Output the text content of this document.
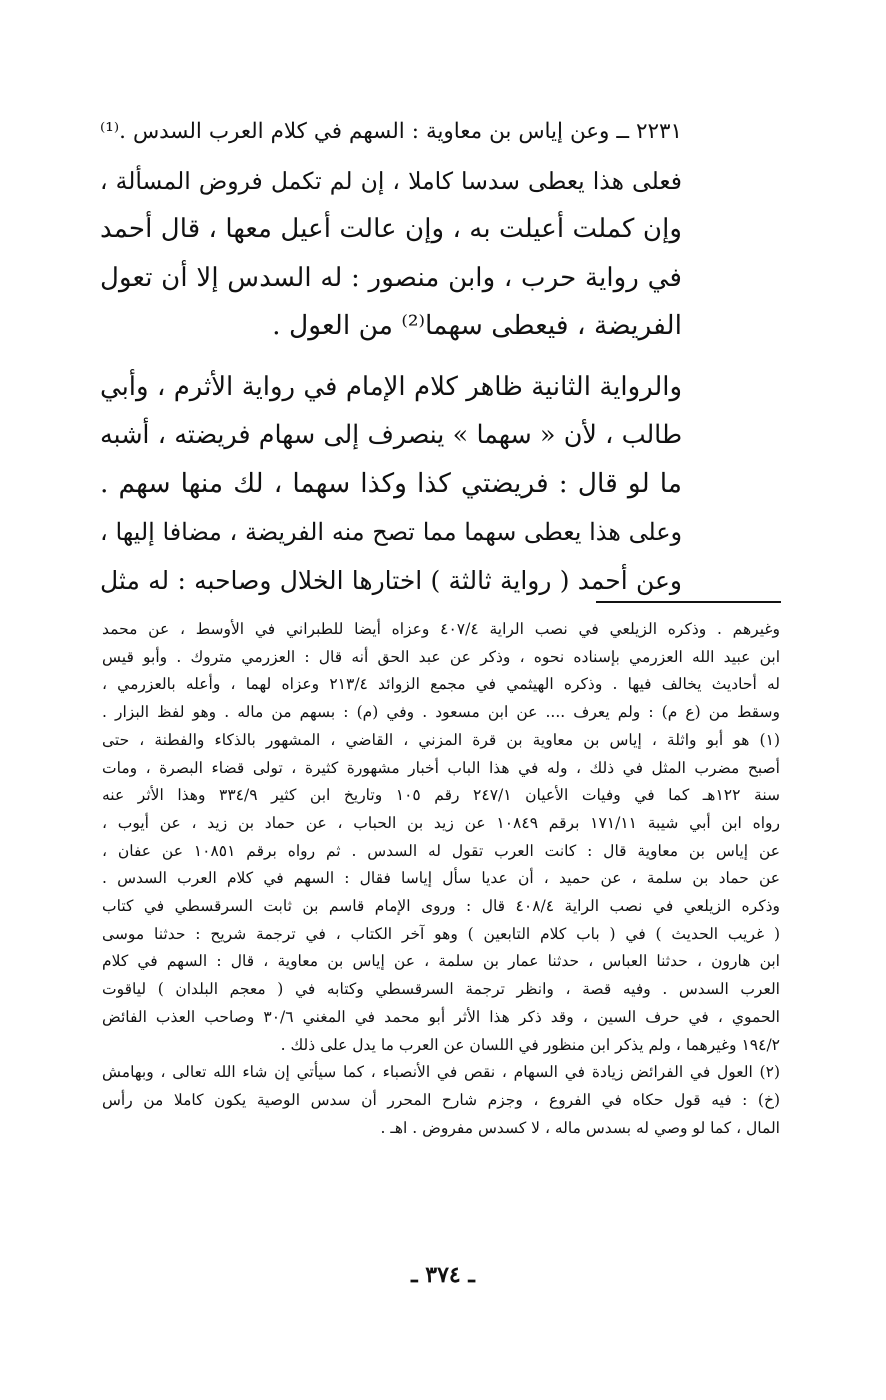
٢٢٣١ ــ وعن إياس بن معاوية : السهم في كلام العرب السدس .⁽¹⁾
فعلى هذا يعطى سدسا كاملا ، إن لم تكمل فروض المسألة ،
وإن كملت أعيلت به ، وإن عالت أعيل معها ، قال أحمد
في رواية حرب ، وابن منصور : له السدس إلا أن تعول
الفريضة ، فيعطى سهما⁽²⁾ من العول .

والرواية الثانية ظاهر كلام الإمام في رواية الأثرم ، وأبي
طالب ، لأن « سهما » ينصرف إلى سهام فريضته ، أشبه
ما لو قال : فريضتي كذا وكذا سهما ، لك منها سهم .
وعلى هذا يعطى سهما مما تصح منه الفريضة ، مضافا إليها ،
وعن أحمد ( رواية ثالثة ) اختارها الخلال وصاحبه : له مثل

وغيرهم . وذكره الزيلعي في نصب الراية ٤٠٧/٤ وعزاه أيضا للطبراني في الأوسط ، عن محمد
ابن عبيد الله العزرمي بإسناده نحوه ، وذكر عن عبد الحق أنه قال : العزرمي متروك . وأبو قيس
له أحاديث يخالف فيها . وذكره الهيثمي في مجمع الزوائد ٢١٣/٤ وعزاه لهما ، وأعله بالعزرمي ،
وسقط من (ع م) : ولم يعرف .... عن ابن مسعود . وفي (م) : بسهم من ماله . وهو لفظ البزار .
(١) هو أبو واثلة ، إياس بن معاوية بن قرة المزني ، القاضي ، المشهور بالذكاء والفطنة ، حتى
أصبح مضرب المثل في ذلك ، وله في هذا الباب أخبار مشهورة كثيرة ، تولى قضاء البصرة ، ومات
سنة ١٢٢هـ كما في وفيات الأعيان ٢٤٧/١ رقم ١٠٥ وتاريخ ابن كثير ٣٣٤/٩ وهذا الأثر عنه
رواه ابن أبي شيبة ١٧١/١١ برقم ١٠٨٤٩ عن زيد بن الحباب ، عن حماد بن زيد ، عن أيوب ،
عن إياس بن معاوية قال : كانت العرب تقول له السدس . ثم رواه برقم ١٠٨٥١ عن عفان ،
عن حماد بن سلمة ، عن حميد ، أن عديا سأل إياسا فقال : السهم في كلام العرب السدس .
وذكره الزيلعي في نصب الراية ٤٠٨/٤ قال : وروى الإمام قاسم بن ثابت السرقسطي في كتاب
( غريب الحديث ) في ( باب كلام التابعين ) وهو آخر الكتاب ، في ترجمة شريح : حدثنا موسى
ابن هارون ، حدثنا العباس ، حدثنا عمار بن سلمة ، عن إياس بن معاوية ، قال : السهم في كلام
العرب السدس . وفيه قصة ، وانظر ترجمة السرقسطي وكتابه في ( معجم البلدان ) لياقوت
الحموي ، في حرف السين ، وقد ذكر هذا الأثر أبو محمد في المغني ٣٠/٦ وصاحب العذب الفائض
١٩٤/٢ وغيرهما ، ولم يذكر ابن منظور في اللسان عن العرب ما يدل على ذلك .
(٢) العول في الفرائض زيادة في السهام ، نقص في الأنصباء ، كما سيأتي إن شاء الله تعالى ، وبهامش
(خ) : فيه قول حكاه في الفروع ، وجزم شارح المحرر أن سدس الوصية يكون كاملا من رأس
المال ، كما لو وصي له بسدس ماله ، لا كسدس مفروض . اهـ .
ـ ٣٧٤ ـ
